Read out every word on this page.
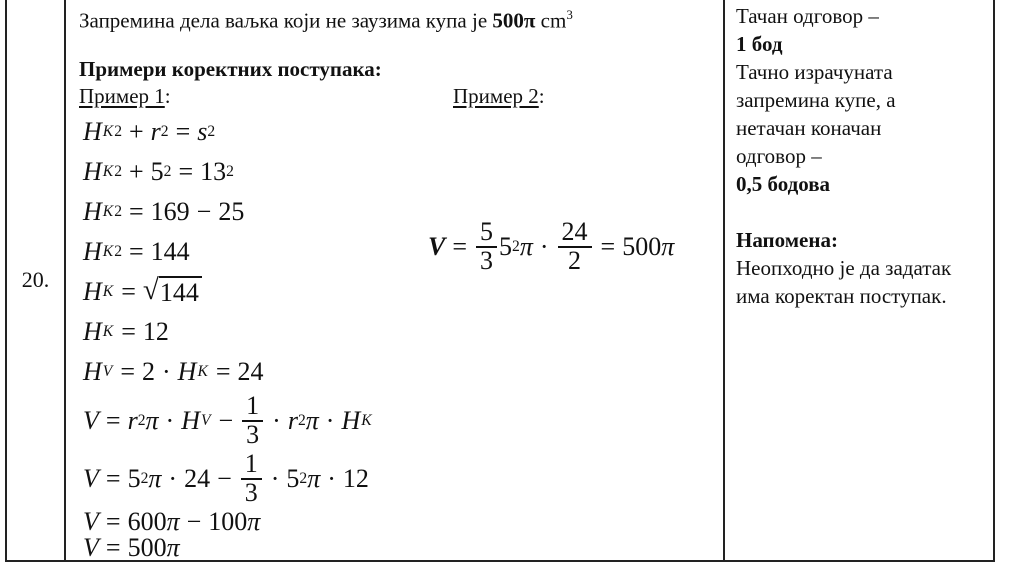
20.
Запремина дела ваљка који не заузима купа је 500π $cm^3$
Примери коректних поступака:
Пример 1:	Пример 2:
H K 2 + r 2 = s 2
H K 2 + 5 2 = 13 2
H K 2 = 169 − 25
H K 2 = 144
H K = √ 144
H K = 12
H V = 2 · H K = 24
V = r 2 π · H $V - \frac{1}{3} \cdot r$ 2 π · H K
V = 5 2 $\pi \cdot 24 - \frac{1}{3} \cdot 5$ 2 π · 12
V = 600 π − 100 π
V = 500 π
$V = \frac{5}{3} 5$ 2 $\pi \cdot \frac{24}{2} = 500$ π
Тачан одговор –
1 бод
Тачно израчуната
запремина купе, а
нетачан коначан
одговор –
0,5 бодова
Напомена:
Неопходно је да задатак
има коректан поступак.
